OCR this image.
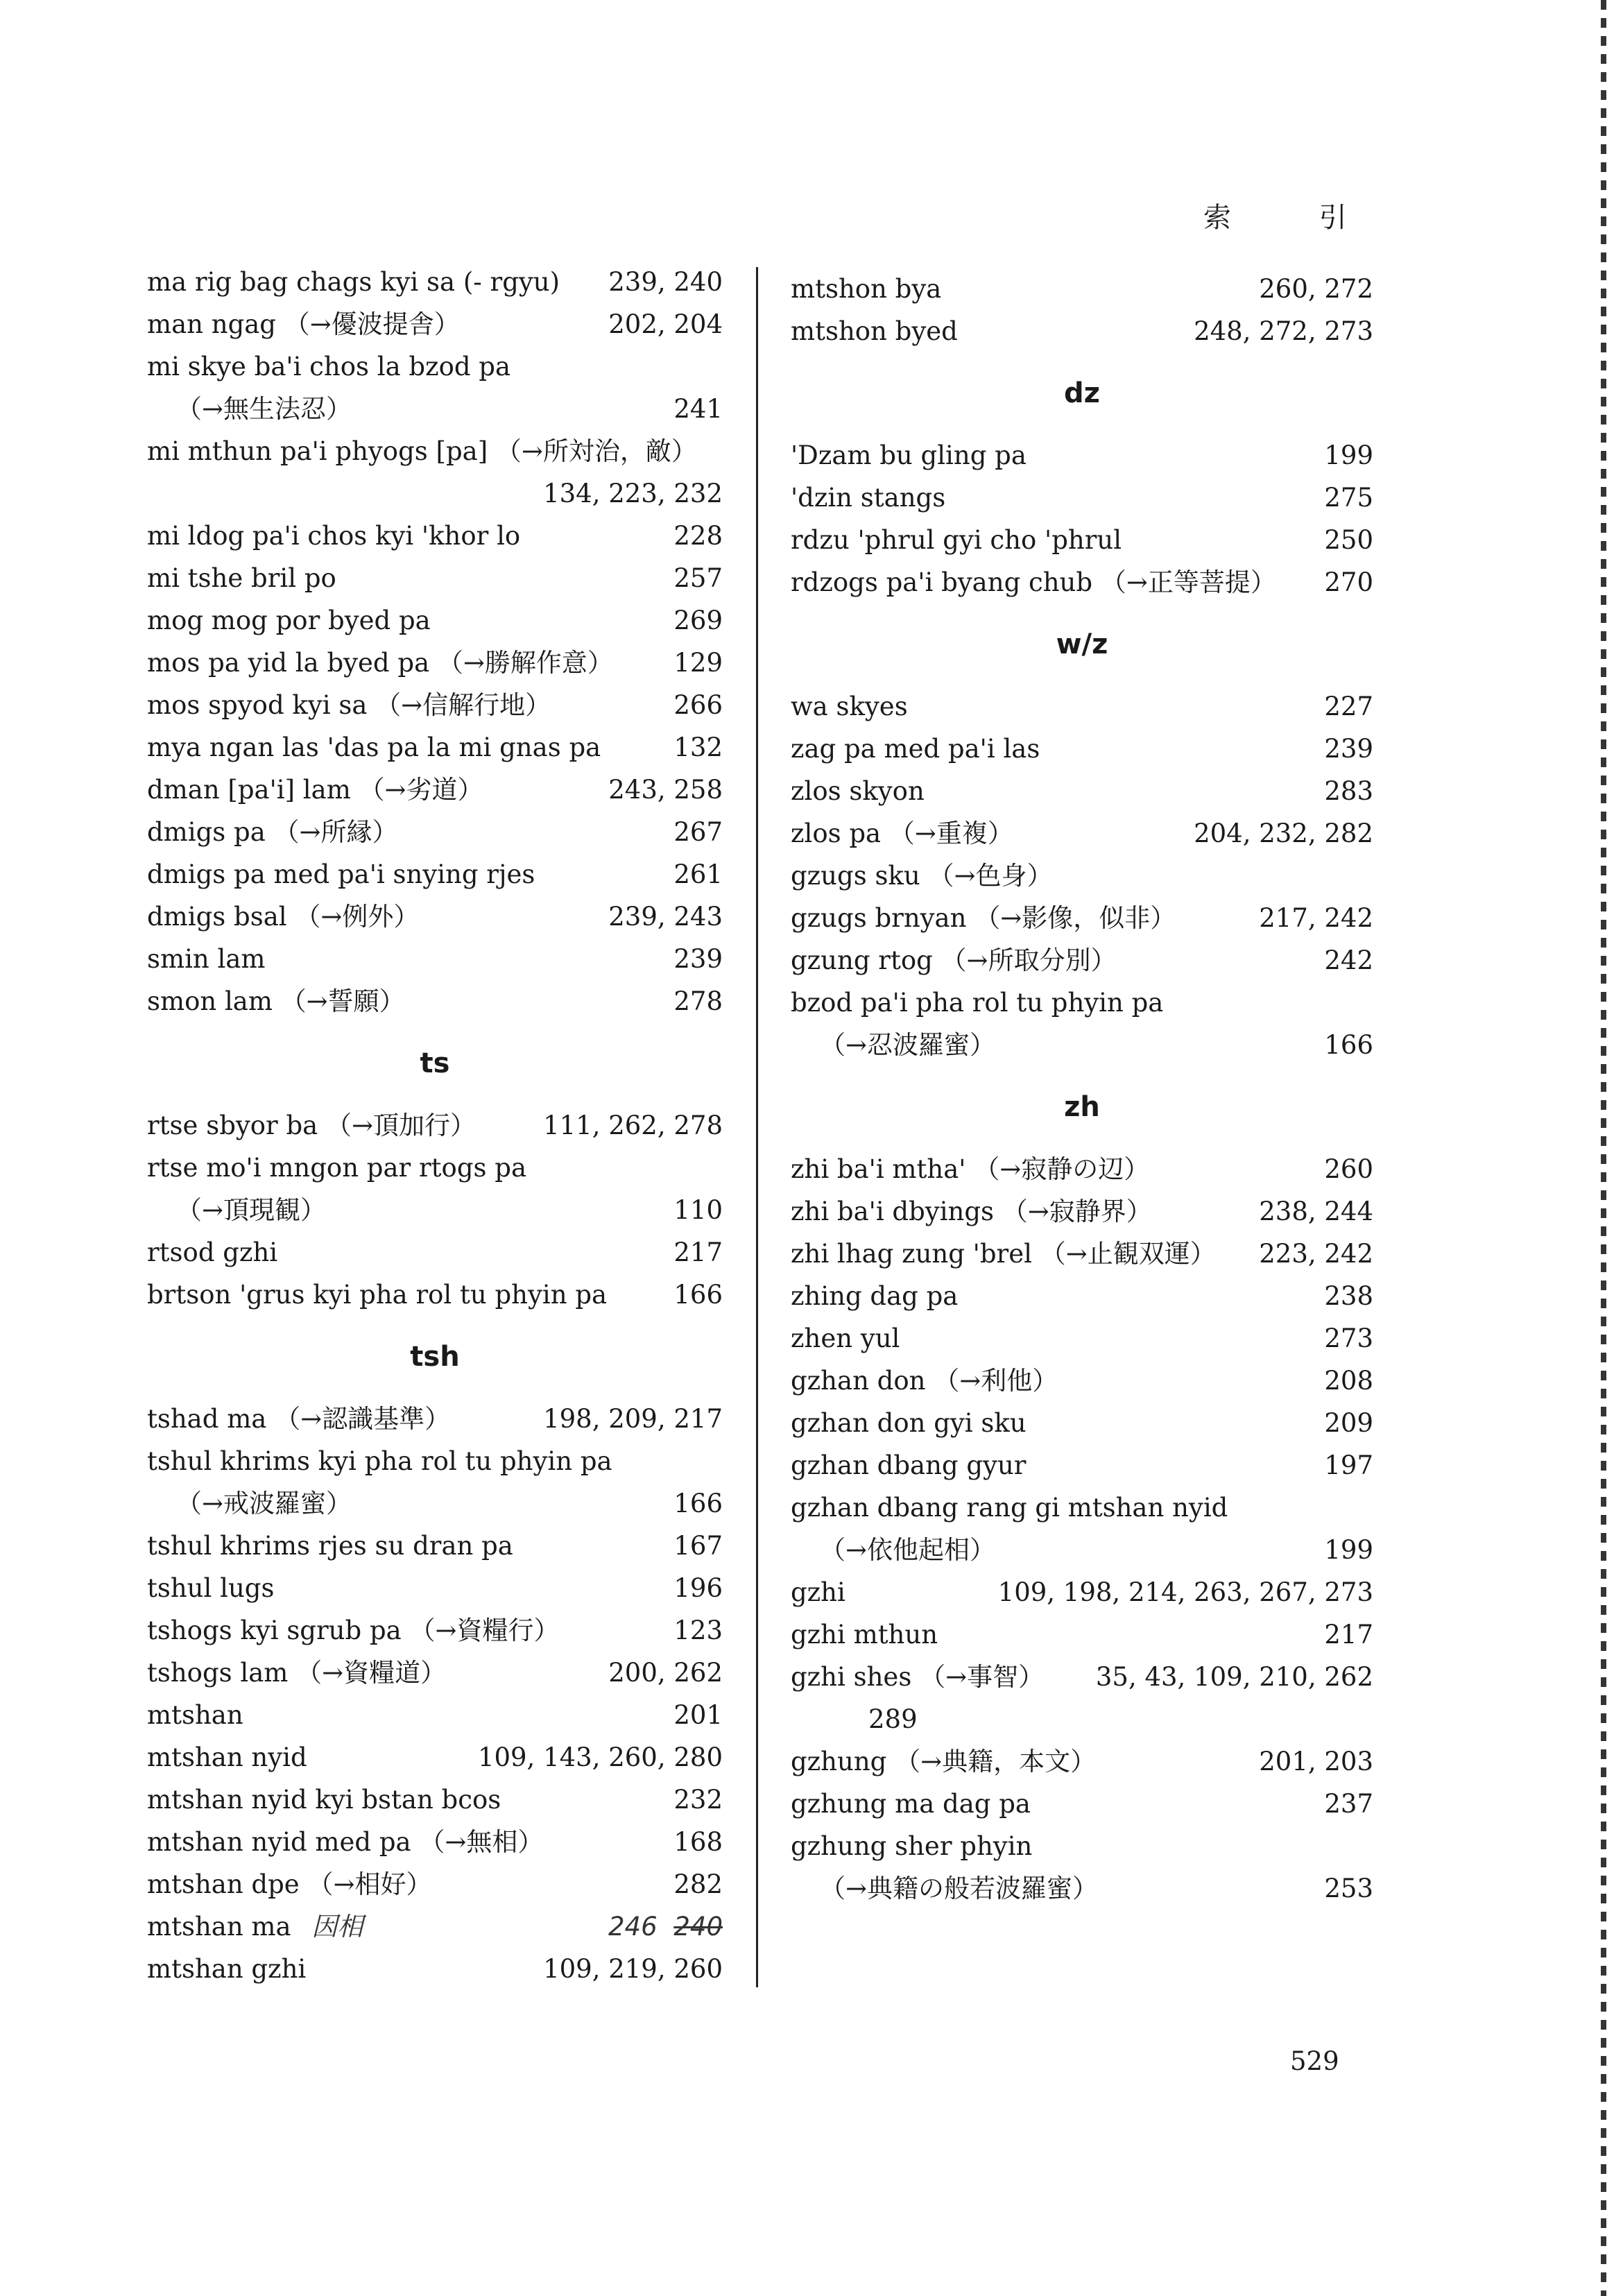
索	引
ma rig bag chags kyi sa (- rgyu) 239, 240
man ngag （→優波提舎）	202, 204
mi skye ba'i chos la bzod pa
（→無生法忍）	241
mi mthun pa'i phyogs [pa] （→所対治，敵）
134, 223, 232
mi ldog pa'i chos kyi 'khor lo	228
mi tshe bril po	257
mog mog por byed pa	269
mos pa yid la byed pa （→勝解作意） 129
mos spyod kyi sa （→信解行地）	266
mya ngan las 'das pa la mi gnas pa	132
dman [pa'i] lam （→劣道）	243, 258
dmigs pa （→所縁）	267
dmigs pa med pa'i snying rjes	261
dmigs bsal （→例外）	239, 243
smin lam	239
smon lam （→誓願）	278
ts
rtse sbyor ba （→頂加行）	111, 262, 278
rtse mo'i mngon par rtogs pa
（→頂現観）	110
rtsod gzhi	217
brtson 'grus kyi pha rol tu phyin pa	166
tsh
tshad ma （→認識基準）	198, 209, 217
tshul khrims kyi pha rol tu phyin pa
（→戒波羅蜜）	166
tshul khrims rjes su dran pa	167
tshul lugs	196
tshogs kyi sgrub pa （→資糧行）	123
tshogs lam （→資糧道）	200, 262
mtshan	201
mtshan nyid	109, 143, 260, 280
mtshan nyid kyi bstan bcos	232
mtshan nyid med pa （→無相）	168
mtshan dpe （→相好）	282
mtshan ma 因相	246 240
mtshan gzhi	109, 219, 260
mtshon bya	260, 272
mtshon byed	248, 272, 273
dz
'Dzam bu gling pa	199
'dzin stangs	275
rdzu 'phrul gyi cho 'phrul	250
rdzogs pa'i byang chub （→正等菩提） 270
w/z
wa skyes	227
zag pa med pa'i las	239
zlos skyon	283
zlos pa （→重複）	204, 232, 282
gzugs sku （→色身）
gzugs brnyan （→影像，似非）	217, 242
gzung rtog （→所取分別）	242
bzod pa'i pha rol tu phyin pa
（→忍波羅蜜）	166
zh
zhi ba'i mtha' （→寂静の辺）	260
zhi ba'i dbyings （→寂静界）	238, 244
zhi lhag zung 'brel （→止観双運） 223, 242
zhing dag pa	238
zhen yul	273
gzhan don （→利他）	208
gzhan don gyi sku	209
gzhan dbang gyur	197
gzhan dbang rang gi mtshan nyid
（→依他起相）	199
gzhi	109, 198, 214, 263, 267, 273
gzhi mthun	217
gzhi shes （→事智） 35, 43, 109, 210, 262
289
gzhung （→典籍，本文）	201, 203
gzhung ma dag pa	237
gzhung sher phyin
（→典籍の般若波羅蜜）	253
529
